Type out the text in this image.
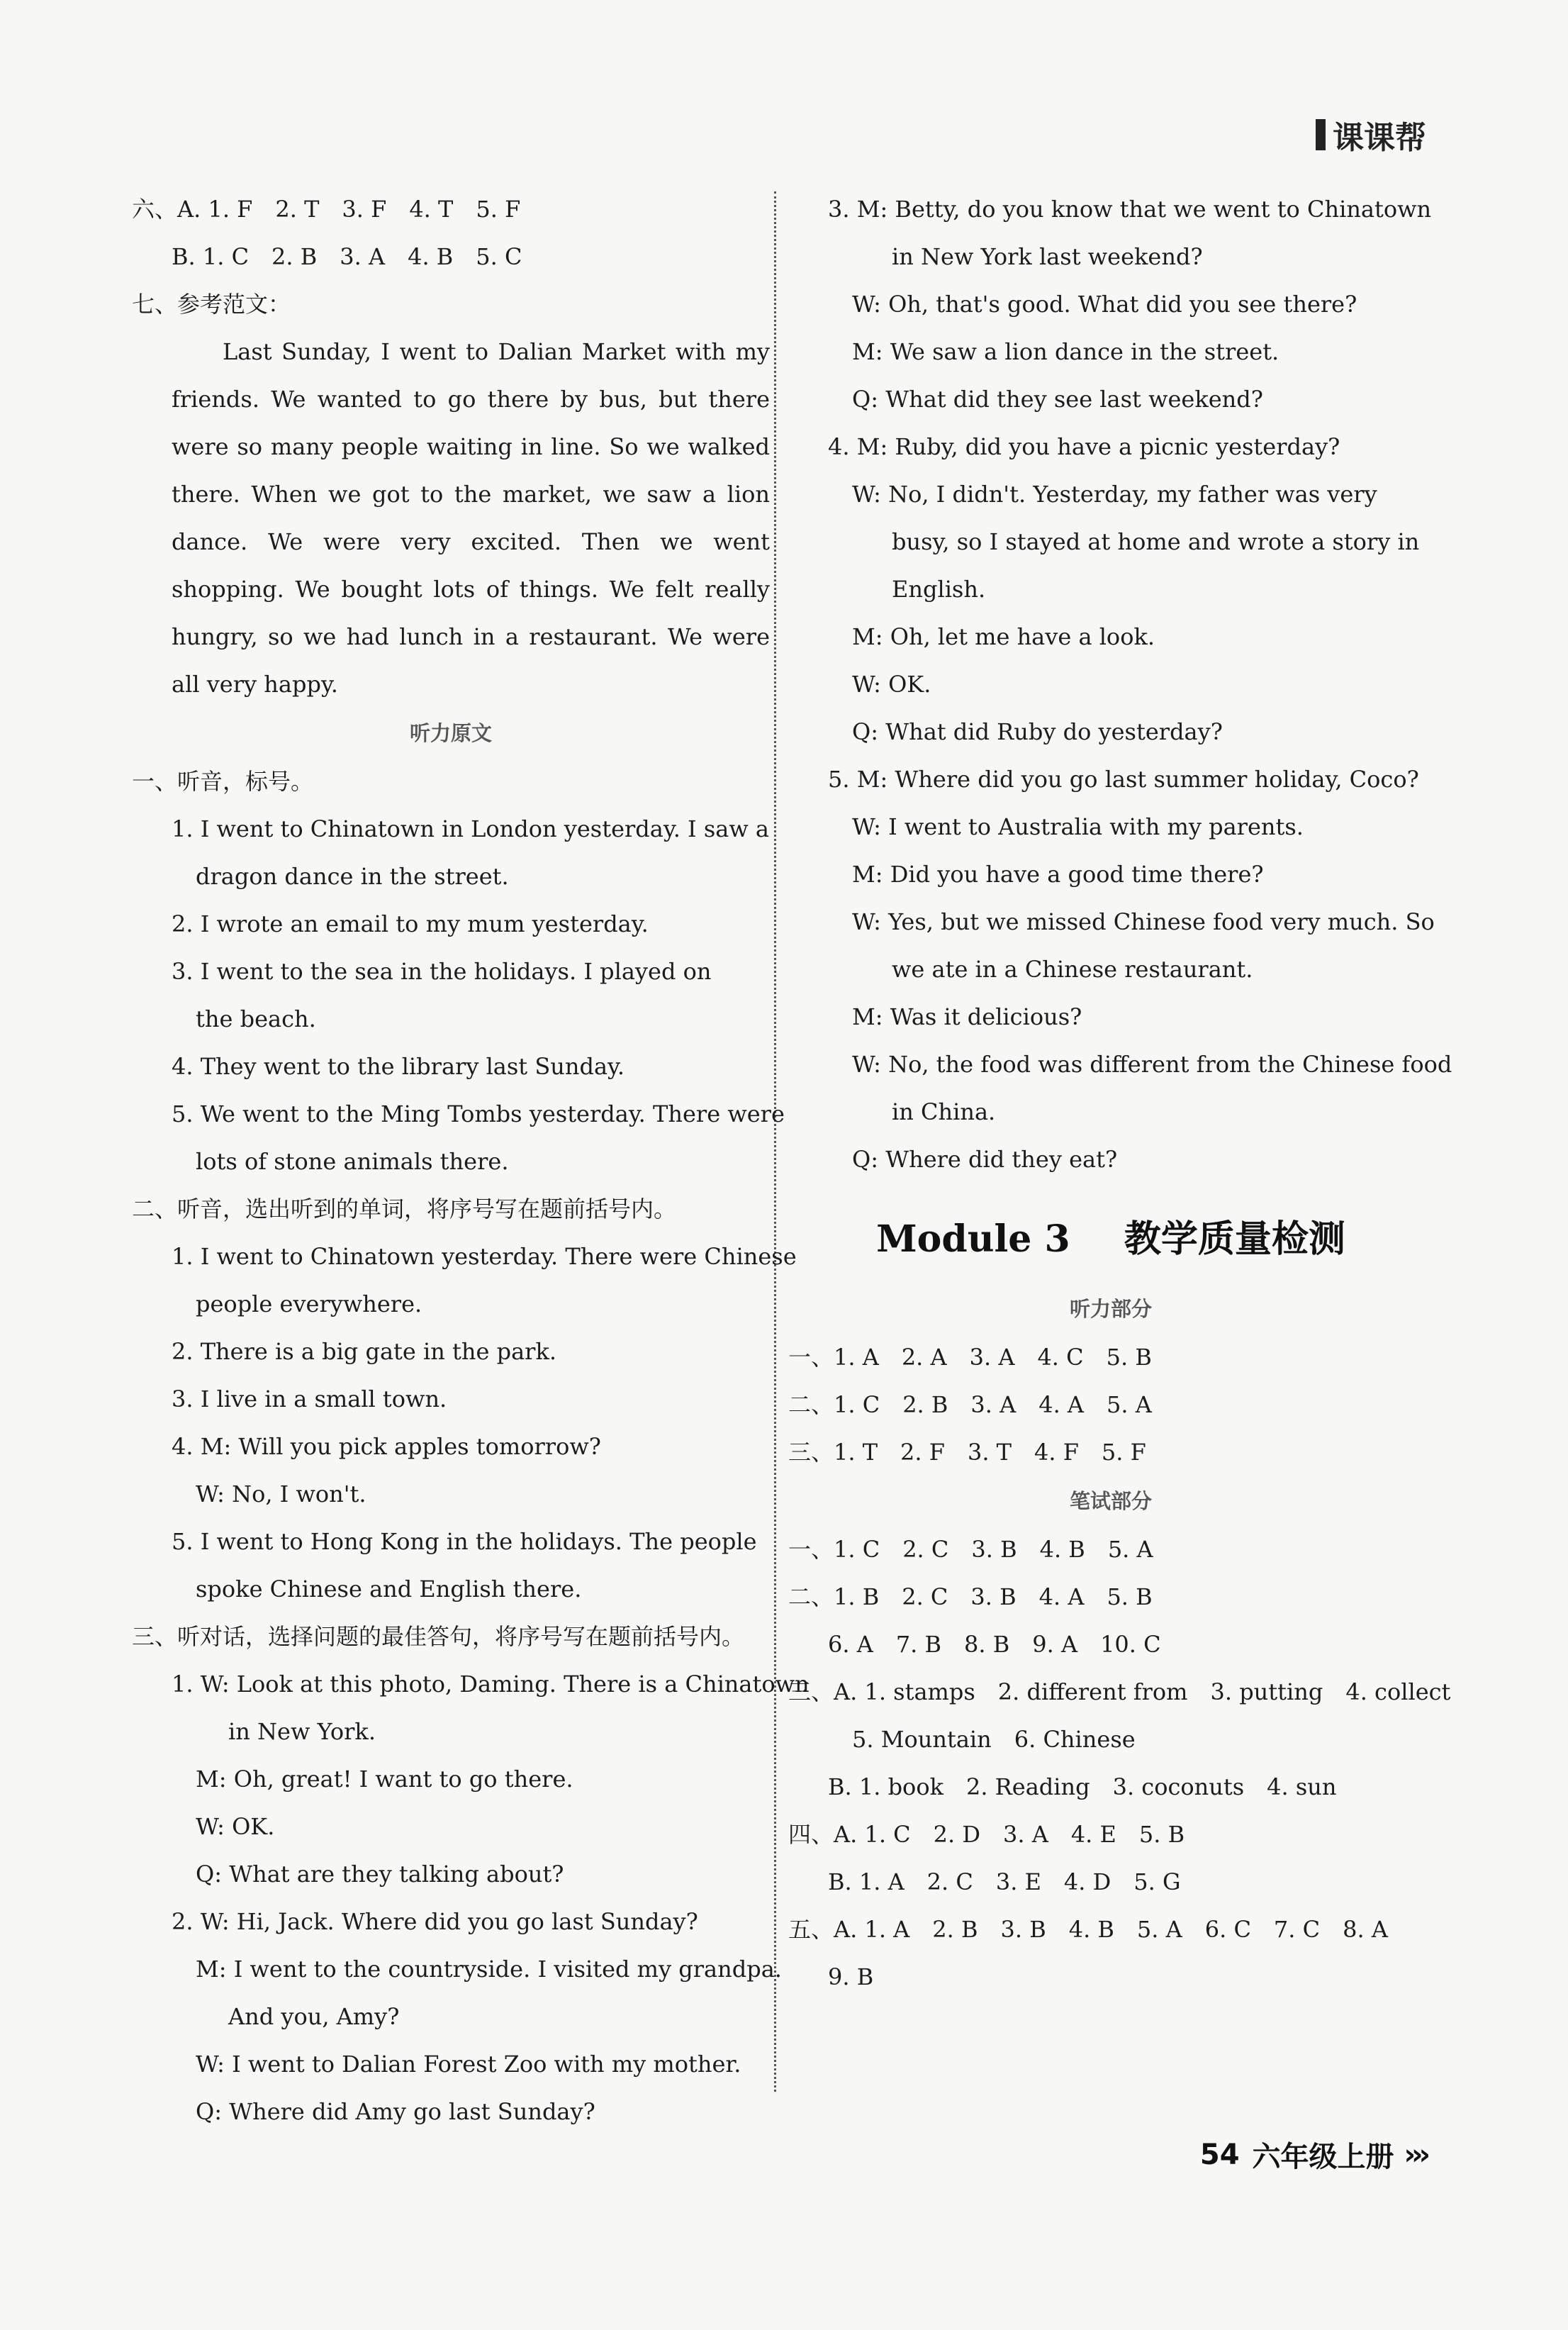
课课帮
六、A. 1. F　2. T　3. F　4. T　5. F
B. 1. C　2. B　3. A　4. B　5. C
七、参考范文：
Last Sunday, I went to Dalian Market with my friends. We wanted to go there by bus, but there were so many people waiting in line. So we walked there. When we got to the market, we saw a lion dance. We were very excited. Then we went shopping. We bought lots of things. We felt really hungry, so we had lunch in a restaurant. We were all very happy.
听力原文
一、听音，标号。
1. I went to Chinatown in London yesterday. I saw a
dragon dance in the street.
2. I wrote an email to my mum yesterday.
3. I went to the sea in the holidays. I played on
the beach.
4. They went to the library last Sunday.
5. We went to the Ming Tombs yesterday. There were
lots of stone animals there.
二、听音，选出听到的单词，将序号写在题前括号内。
1. I went to Chinatown yesterday. There were Chinese
people everywhere.
2. There is a big gate in the park.
3. I live in a small town.
4. M: Will you pick apples tomorrow?
W: No, I won't.
5. I went to Hong Kong in the holidays. The people
spoke Chinese and English there.
三、听对话，选择问题的最佳答句，将序号写在题前括号内。
1. W: Look at this photo, Daming. There is a Chinatown
in New York.
M: Oh, great! I want to go there.
W: OK.
Q: What are they talking about?
2. W: Hi, Jack. Where did you go last Sunday?
M: I went to the countryside. I visited my grandpa.
And you, Amy?
W: I went to Dalian Forest Zoo with my mother.
Q: Where did Amy go last Sunday?
3. M: Betty, do you know that we went to Chinatown
in New York last weekend?
W: Oh, that's good. What did you see there?
M: We saw a lion dance in the street.
Q: What did they see last weekend?
4. M: Ruby, did you have a picnic yesterday?
W: No, I didn't. Yesterday, my father was very
busy, so I stayed at home and wrote a story in
English.
M: Oh, let me have a look.
W: OK.
Q: What did Ruby do yesterday?
5. M: Where did you go last summer holiday, Coco?
W: I went to Australia with my parents.
M: Did you have a good time there?
W: Yes, but we missed Chinese food very much. So
we ate in a Chinese restaurant.
M: Was it delicious?
W: No, the food was different from the Chinese food
in China.
Q: Where did they eat?
Module 3 教学质量检测
听力部分
一、1. A　2. A　3. A　4. C　5. B
二、1. C　2. B　3. A　4. A　5. A
三、1. T　2. F　3. T　4. F　5. F
笔试部分
一、1. C　2. C　3. B　4. B　5. A
二、1. B　2. C　3. B　4. A　5. B
6. A　7. B　8. B　9. A　10. C
三、A. 1. stamps　2. different from　3. putting　4. collect
5. Mountain　6. Chinese
B. 1. book　2. Reading　3. coconuts　4. sun
四、A. 1. C　2. D　3. A　4. E　5. B
B. 1. A　2. C　3. E　4. D　5. G
五、A. 1. A　2. B　3. B　4. B　5. A　6. C　7. C　8. A
9. B
54 六年级上册 ›››
